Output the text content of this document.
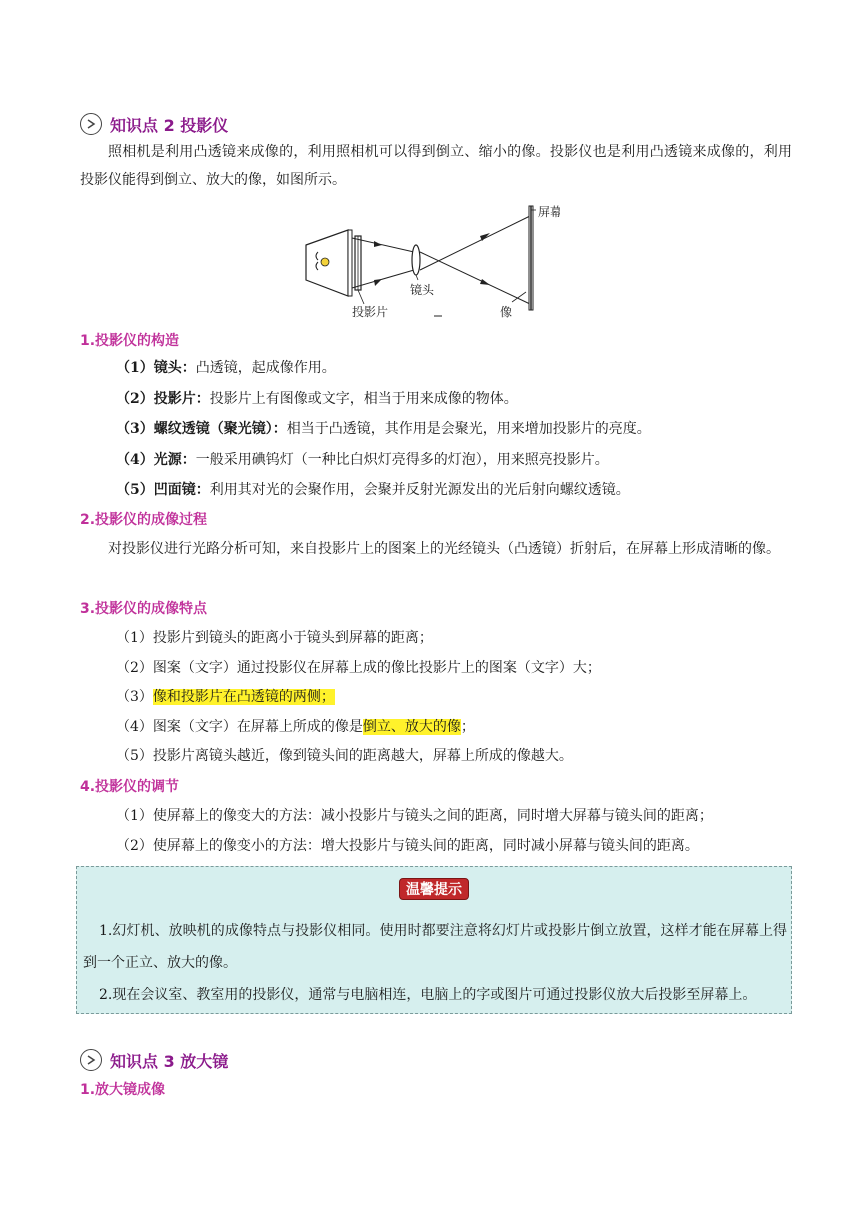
知识点 2 投影仪
照相机是利用凸透镜来成像的，利用照相机可以得到倒立、缩小的像。投影仪也是利用凸透镜来成像的，利用投影仪能得到倒立、放大的像，如图所示。
屏幕
镜头
投影片	像
1.投影仪的构造
（1）镜头：凸透镜，起成像作用。
（2）投影片：投影片上有图像或文字，相当于用来成像的物体。
（3）螺纹透镜（聚光镜）：相当于凸透镜，其作用是会聚光，用来增加投影片的亮度。
（4）光源：一般采用碘钨灯（一种比白炽灯亮得多的灯泡），用来照亮投影片。
（5）凹面镜：利用其对光的会聚作用，会聚并反射光源发出的光后射向螺纹透镜。
2.投影仪的成像过程
对投影仪进行光路分析可知，来自投影片上的图案上的光经镜头（凸透镜）折射后，在屏幕上形成清晰的像。
3.投影仪的成像特点
（1）投影片到镜头的距离小于镜头到屏幕的距离；
（2）图案（文字）通过投影仪在屏幕上成的像比投影片上的图案（文字）大；
（3）像和投影片在凸透镜的两侧；
（4）图案（文字）在屏幕上所成的像是倒立、放大的像；
（5）投影片离镜头越近，像到镜头间的距离越大，屏幕上所成的像越大。
4.投影仪的调节
（1）使屏幕上的像变大的方法：减小投影片与镜头之间的距离，同时增大屏幕与镜头间的距离；
（2）使屏幕上的像变小的方法：增大投影片与镜头间的距离，同时减小屏幕与镜头间的距离。
温馨提示
1.幻灯机、放映机的成像特点与投影仪相同。使用时都要注意将幻灯片或投影片倒立放置，这样才能在屏幕上得到一个正立、放大的像。
2.现在会议室、教室用的投影仪，通常与电脑相连，电脑上的字或图片可通过投影仪放大后投影至屏幕上。
知识点 3 放大镜
1.放大镜成像
